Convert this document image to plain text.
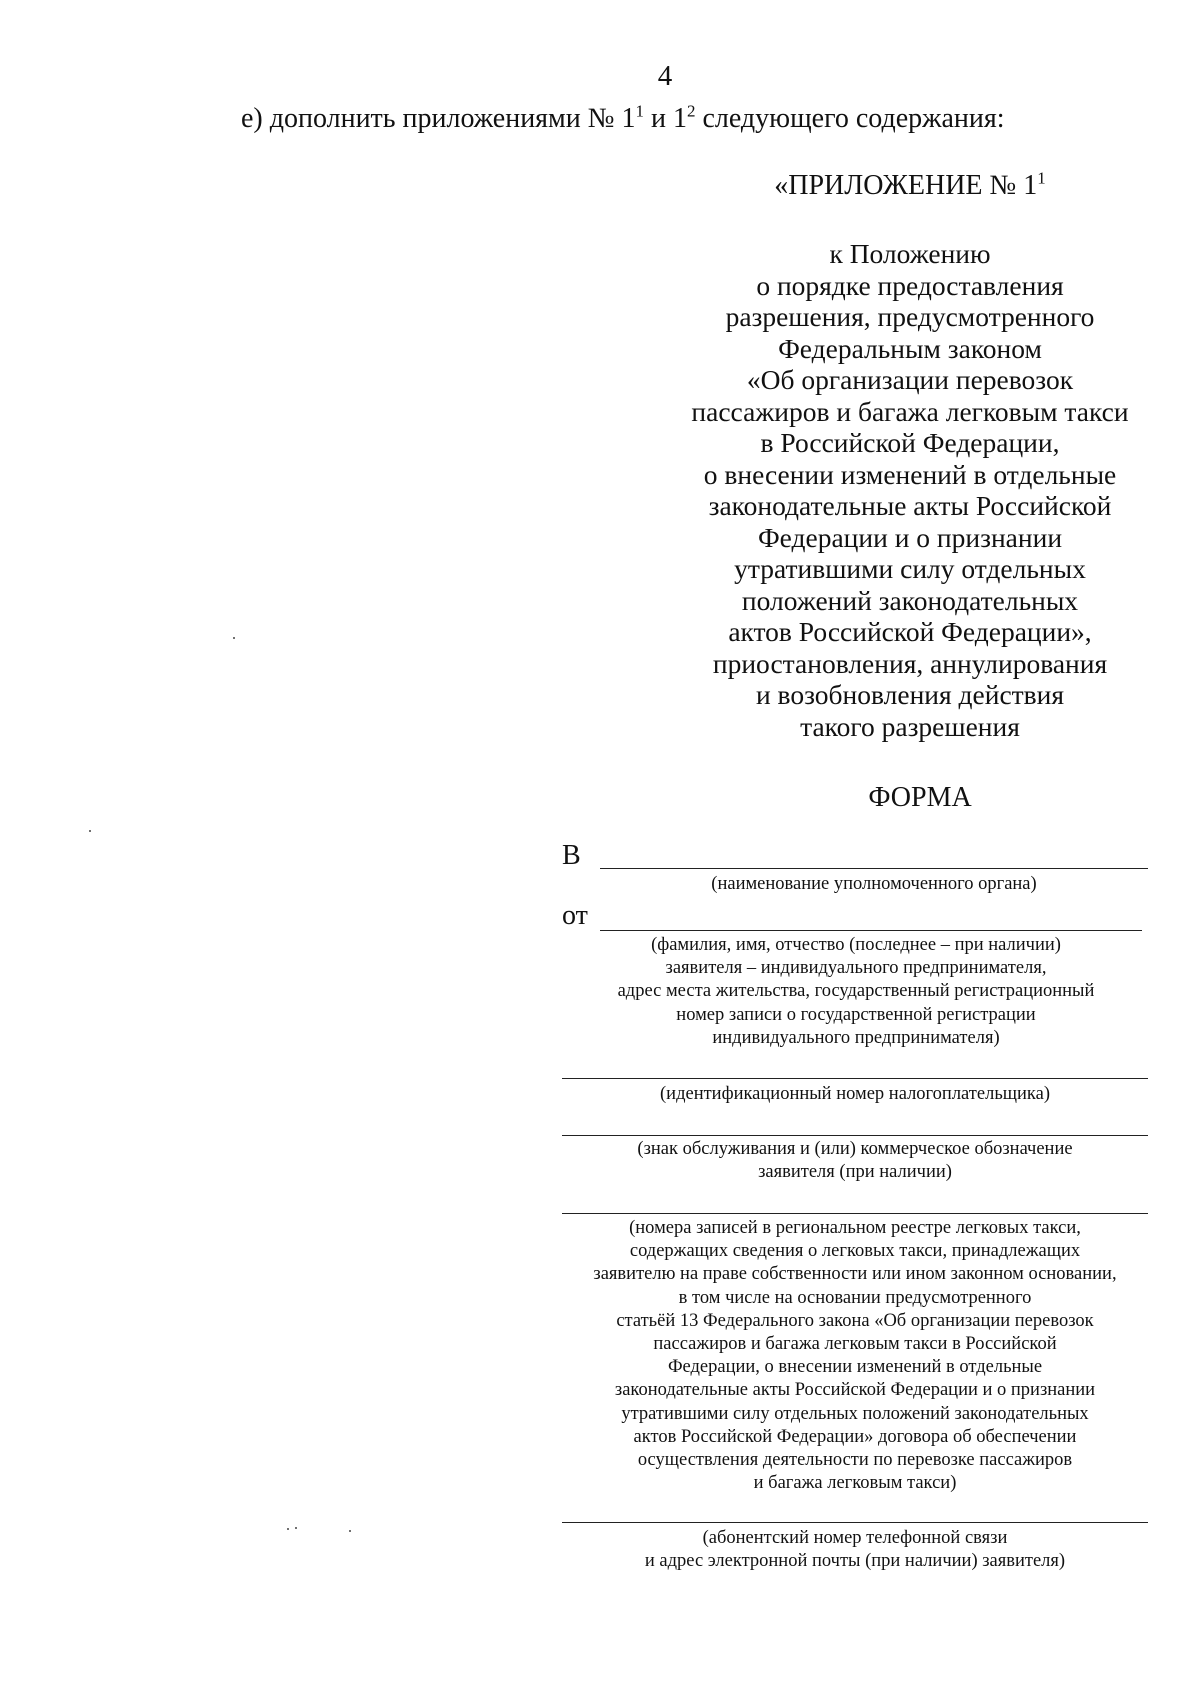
4
е) дополнить приложениями № $1^1$ и $1^2$ следующего содержания:
«ПРИЛОЖЕНИЕ № $1^1$
к Положению
о порядке предоставления
разрешения, предусмотренного
Федеральным законом
«Об организации перевозок
пассажиров и багажа легковым такси
в Российской Федерации,
о внесении изменений в отдельные
законодательные акты Российской
Федерации и о признании
утратившими силу отдельных
положений законодательных
актов Российской Федерации»,
приостановления, аннулирования
и возобновления действия
такого разрешения
ФОРМА
В
(наименование уполномоченного органа)
от
(фамилия, имя, отчество (последнее – при наличии)
заявителя – индивидуального предпринимателя,
адрес места жительства, государственный регистрационный
номер записи о государственной регистрации
индивидуального предпринимателя)
(идентификационный номер налогоплательщика)
(знак обслуживания и (или) коммерческое обозначение
заявителя (при наличии)
(номера записей в региональном реестре легковых такси,
содержащих сведения о легковых такси, принадлежащих
заявителю на праве собственности или ином законном основании,
в том числе на основании предусмотренного
статьёй 13 Федерального закона «Об организации перевозок
пассажиров и багажа легковым такси в Российской
Федерации, о внесении изменений в отдельные
законодательные акты Российской Федерации и о признании
утратившими силу отдельных положений законодательных
актов Российской Федерации» договора об обеспечении
осуществления деятельности по перевозке пассажиров
и багажа легковым такси)
(абонентский номер телефонной связи
и адрес электронной почты (при наличии) заявителя)
